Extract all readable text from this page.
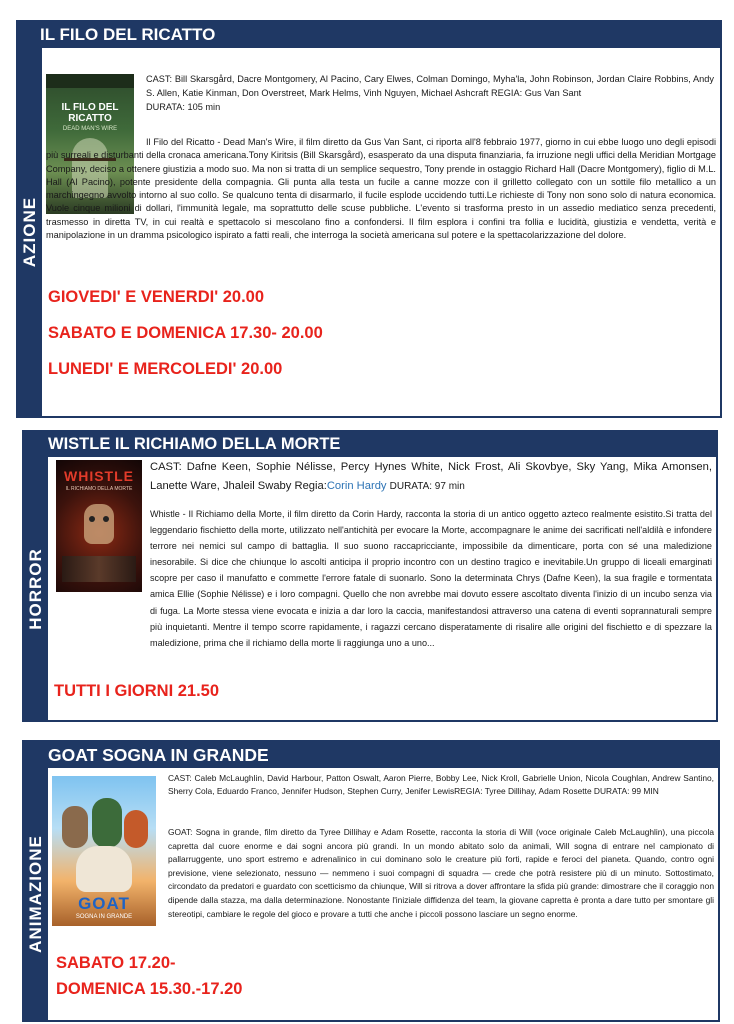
IL FILO DEL RICATTO
AZIONE
IL FILO DEL RICATTO
DEAD MAN'S WIRE

CAST: Bill Skarsgård, Dacre Montgomery, Al Pacino, Cary Elwes, Colman Domingo, Myha'la, John Robinson, Jordan Claire Robbins, Andy S. Allen, Katie Kinman, Don Overstreet, Mark Helms, Vinh Nguyen, Michael Ashcraft REGIA: Gus Van Sant

DURATA: 105 min

Il Filo del Ricatto - Dead Man's Wire, il film diretto da Gus Van Sant, ci riporta all'8 febbraio 1977, giorno in cui ebbe luogo uno degli episodi più surreali e disturbanti della cronaca americana.Tony Kiritsis (Bill Skarsgård), esasperato da una disputa finanziaria, fa irruzione negli uffici della Meridian Mortgage Company, deciso a ottenere giustizia a modo suo. Ma non si tratta di un semplice sequestro, Tony prende in ostaggio Richard Hall (Dacre Montgomery), figlio di M.L. Hall (Al Pacino), potente presidente della compagnia. Gli punta alla testa un fucile a canne mozze con il grilletto collegato con un sottile filo metallico a un marchingegno avvolto intorno al suo collo. Se qualcuno tenta di disarmarlo, il fucile esplode uccidendo tutti.Le richieste di Tony non sono solo di natura economica. Vuole cinque milioni di dollari, l'immunità legale, ma soprattutto delle scuse pubbliche. L'evento si trasforma presto in un assedio mediatico senza precedenti, trasmesso in diretta TV, in cui realtà e spettacolo si mescolano fino a confondersi. Il film esplora i confini tra follia e lucidità, giustizia e vendetta, verità e manipolazione in un dramma psicologico ispirato a fatti reali, che interroga la società americana sul potere e la spettacolarizzazione del dolore.
GIOVEDI' E VENERDI' 20.00
SABATO E DOMENICA 17.30- 20.00
LUNEDI' E MERCOLEDI' 20.00
WISTLE IL RICHIAMO DELLA MORTE
HORROR
WHISTLE
IL RICHIAMO DELLA MORTE
CAST: Dafne Keen, Sophie Nélisse, Percy Hynes White, Nick Frost, Ali Skovbye, Sky Yang, Mika Amonsen, Lanette Ware, Jhaleil Swaby Regia:Corin Hardy DURATA: 97 min
Whistle - Il Richiamo della Morte, il film diretto da Corin Hardy, racconta la storia di un antico oggetto azteco realmente esistito.Si tratta del leggendario fischietto della morte, utilizzato nell'antichità per evocare la Morte, accompagnare le anime dei sacrificati nell'aldilà e infondere terrore nei nemici sul campo di battaglia. Il suo suono raccapricciante, impossibile da dimenticare, porta con sé una maledizione inesorabile. Si dice che chiunque lo ascolti anticipa il proprio incontro con un destino tragico e inevitabile.Un gruppo di liceali emarginati scopre per caso il manufatto e commette l'errore fatale di suonarlo. Sono la determinata Chrys (Dafne Keen), la sua fragile e tormentata amica Ellie (Sophie Nélisse) e i loro compagni. Quello che non avrebbe mai dovuto essere ascoltato diventa l'inizio di un incubo senza via di fuga. La Morte stessa viene evocata e inizia a dar loro la caccia, manifestandosi attraverso una catena di eventi soprannaturali sempre più inquietanti. Mentre il tempo scorre rapidamente, i ragazzi cercano disperatamente di risalire alle origini del fischietto e di spezzare la maledizione, prima che il richiamo della morte li raggiunga uno a uno...
TUTTI I GIORNI 21.50
GOAT SOGNA IN GRANDE
ANIMAZIONE	GOAT
SOGNA IN GRANDE
CAST: Caleb McLaughlin, David Harbour, Patton Oswalt, Aaron Pierre, Bobby Lee, Nick Kroll, Gabrielle Union, Nicola Coughlan, Andrew Santino, Sherry Cola, Eduardo Franco, Jennifer Hudson, Stephen Curry, Jenifer LewisREGIA: Tyree Dillihay, Adam Rosette DURATA: 99 MIN
GOAT: Sogna in grande, film diretto da Tyree Dillihay e Adam Rosette, racconta la storia di Will (voce originale Caleb McLaughlin), una piccola capretta dal cuore enorme e dai sogni ancora più grandi. In un mondo abitato solo da animali, Will sogna di entrare nel campionato di pallarruggente, uno sport estremo e adrenalinico in cui dominano solo le creature più forti, rapide e feroci del pianeta. Quando, contro ogni previsione, viene selezionato, nessuno — nemmeno i suoi compagni di squadra — crede che potrà resistere più di un minuto. Sottostimato, circondato da predatori e guardato con scetticismo da chiunque, Will si ritrova a dover affrontare la sfida più grande: dimostrare che il coraggio non dipende dalla stazza, ma dalla determinazione. Nonostante l'iniziale diffidenza del team, la giovane capretta è pronta a dare tutto per smontare gli stereotipi, cambiare le regole del gioco e provare a tutti che anche i piccoli possono lasciare un segno enorme.
SABATO 17.20-
DOMENICA 15.30.-17.20
